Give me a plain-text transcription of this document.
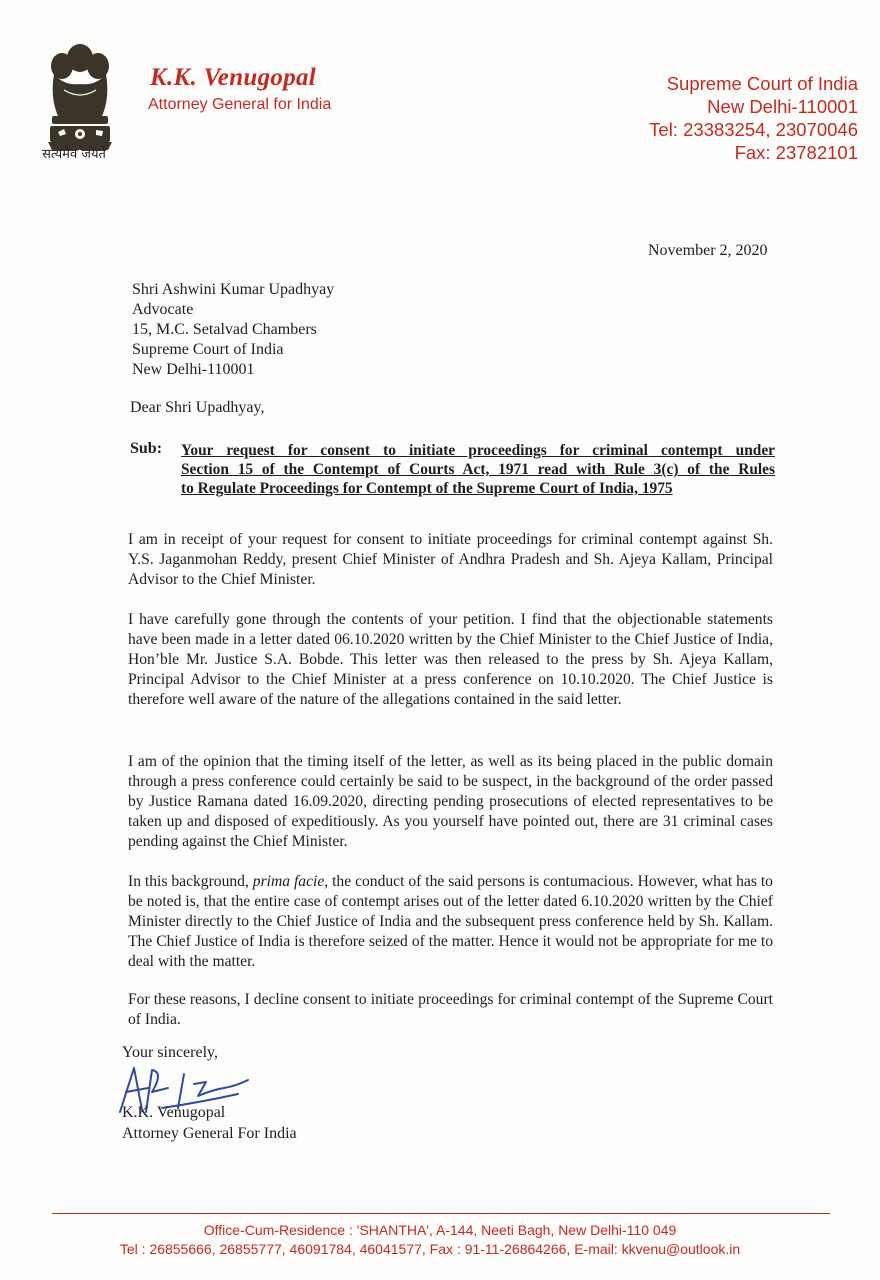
सत्यमेव जयते
K.K. Venugopal
Attorney General for India
Supreme Court of India
New Delhi-110001
Tel: 23383254, 23070046
Fax: 23782101
November 2, 2020
Shri Ashwini Kumar Upadhyay
Advocate
15, M.C. Setalvad Chambers
Supreme Court of India
New Delhi-110001
Dear Shri Upadhyay,
Sub: Your request for consent to initiate proceedings for criminal contempt under
Section 15 of the Contempt of Courts Act, 1971 read with Rule 3(c) of the Rules
to Regulate Proceedings for Contempt of the Supreme Court of India, 1975
I am in receipt of your request for consent to initiate proceedings for criminal contempt against Sh. Y.S. Jaganmohan Reddy, present Chief Minister of Andhra Pradesh and Sh. Ajeya Kallam, Principal Advisor to the Chief Minister.
I have carefully gone through the contents of your petition. I find that the objectionable statements have been made in a letter dated 06.10.2020 written by the Chief Minister to the Chief Justice of India, Hon’ble Mr. Justice S.A. Bobde. This letter was then released to the press by Sh. Ajeya Kallam, Principal Advisor to the Chief Minister at a press conference on 10.10.2020. The Chief Justice is therefore well aware of the nature of the allegations contained in the said letter.
I am of the opinion that the timing itself of the letter, as well as its being placed in the public domain through a press conference could certainly be said to be suspect, in the background of the order passed by Justice Ramana dated 16.09.2020, directing pending prosecutions of elected representatives to be taken up and disposed of expeditiously. As you yourself have pointed out, there are 31 criminal cases pending against the Chief Minister.
In this background, prima facie, the conduct of the said persons is contumacious. However, what has to be noted is, that the entire case of contempt arises out of the letter dated 6.10.2020 written by the Chief Minister directly to the Chief Justice of India and the subsequent press conference held by Sh. Kallam. The Chief Justice of India is therefore seized of the matter. Hence it would not be appropriate for me to deal with the matter.
For these reasons, I decline consent to initiate proceedings for criminal contempt of the Supreme Court of India.
Your sincerely,
K.K. Venugopal
Attorney General For India
Office-Cum-Residence : 'SHANTHA', A-144, Neeti Bagh, New Delhi-110 049
Tel : 26855666, 26855777, 46091784, 46041577, Fax : 91-11-26864266, E-mail: kkvenu@outlook.in
